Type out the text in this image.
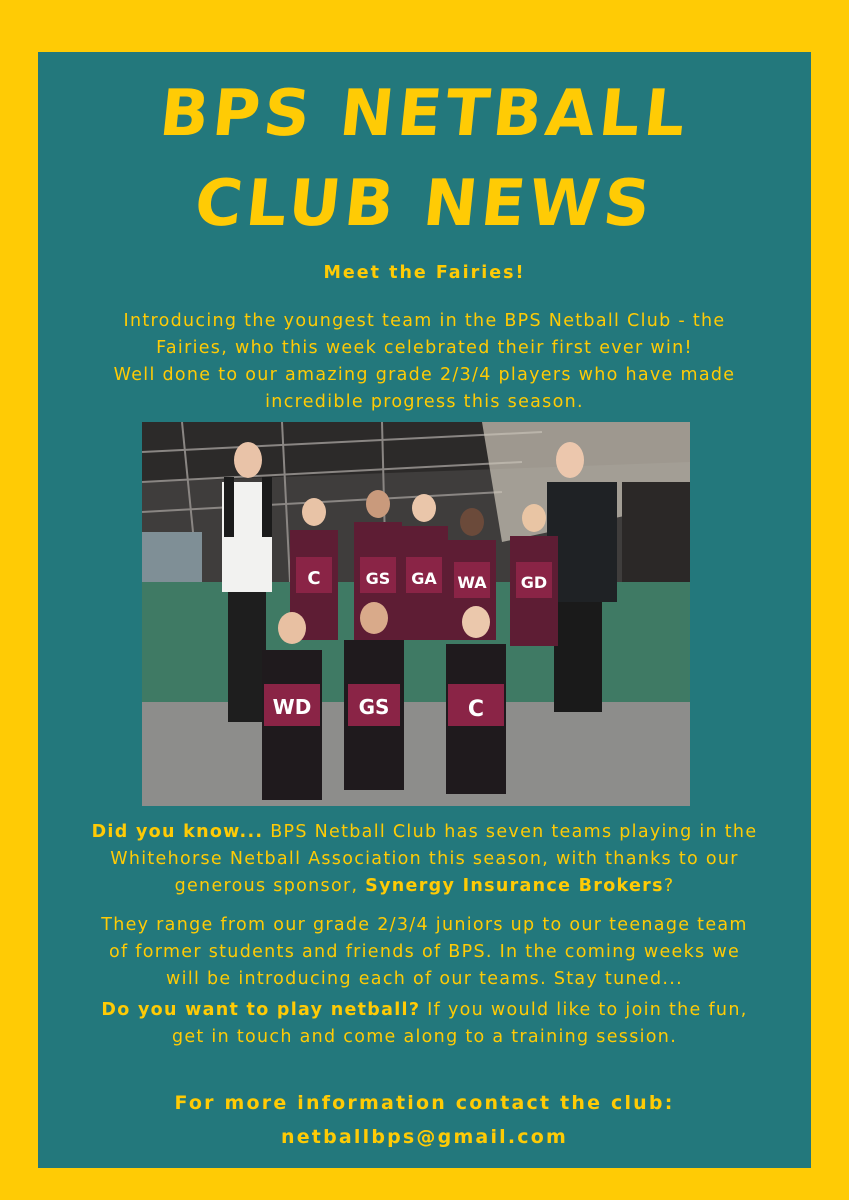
BPS NETBALL
CLUB NEWS
Meet the Fairies!
Introducing the youngest team in the BPS Netball Club - the
Fairies, who this week celebrated their first ever win!
Well done to our amazing grade 2/3/4 players who have made
incredible progress this season.
C	GS GA WA GD
WD GS	C
Did you know... BPS Netball Club has seven teams playing in the
Whitehorse Netball Association this season, with thanks to our
generous sponsor, Synergy Insurance Brokers?
They range from our grade 2/3/4 juniors up to our teenage team
of former students and friends of BPS. In the coming weeks we
will be introducing each of our teams. Stay tuned...
Do you want to play netball? If you would like to join the fun,
get in touch and come along to a training session.
For more information contact the club:
netballbps@gmail.com
